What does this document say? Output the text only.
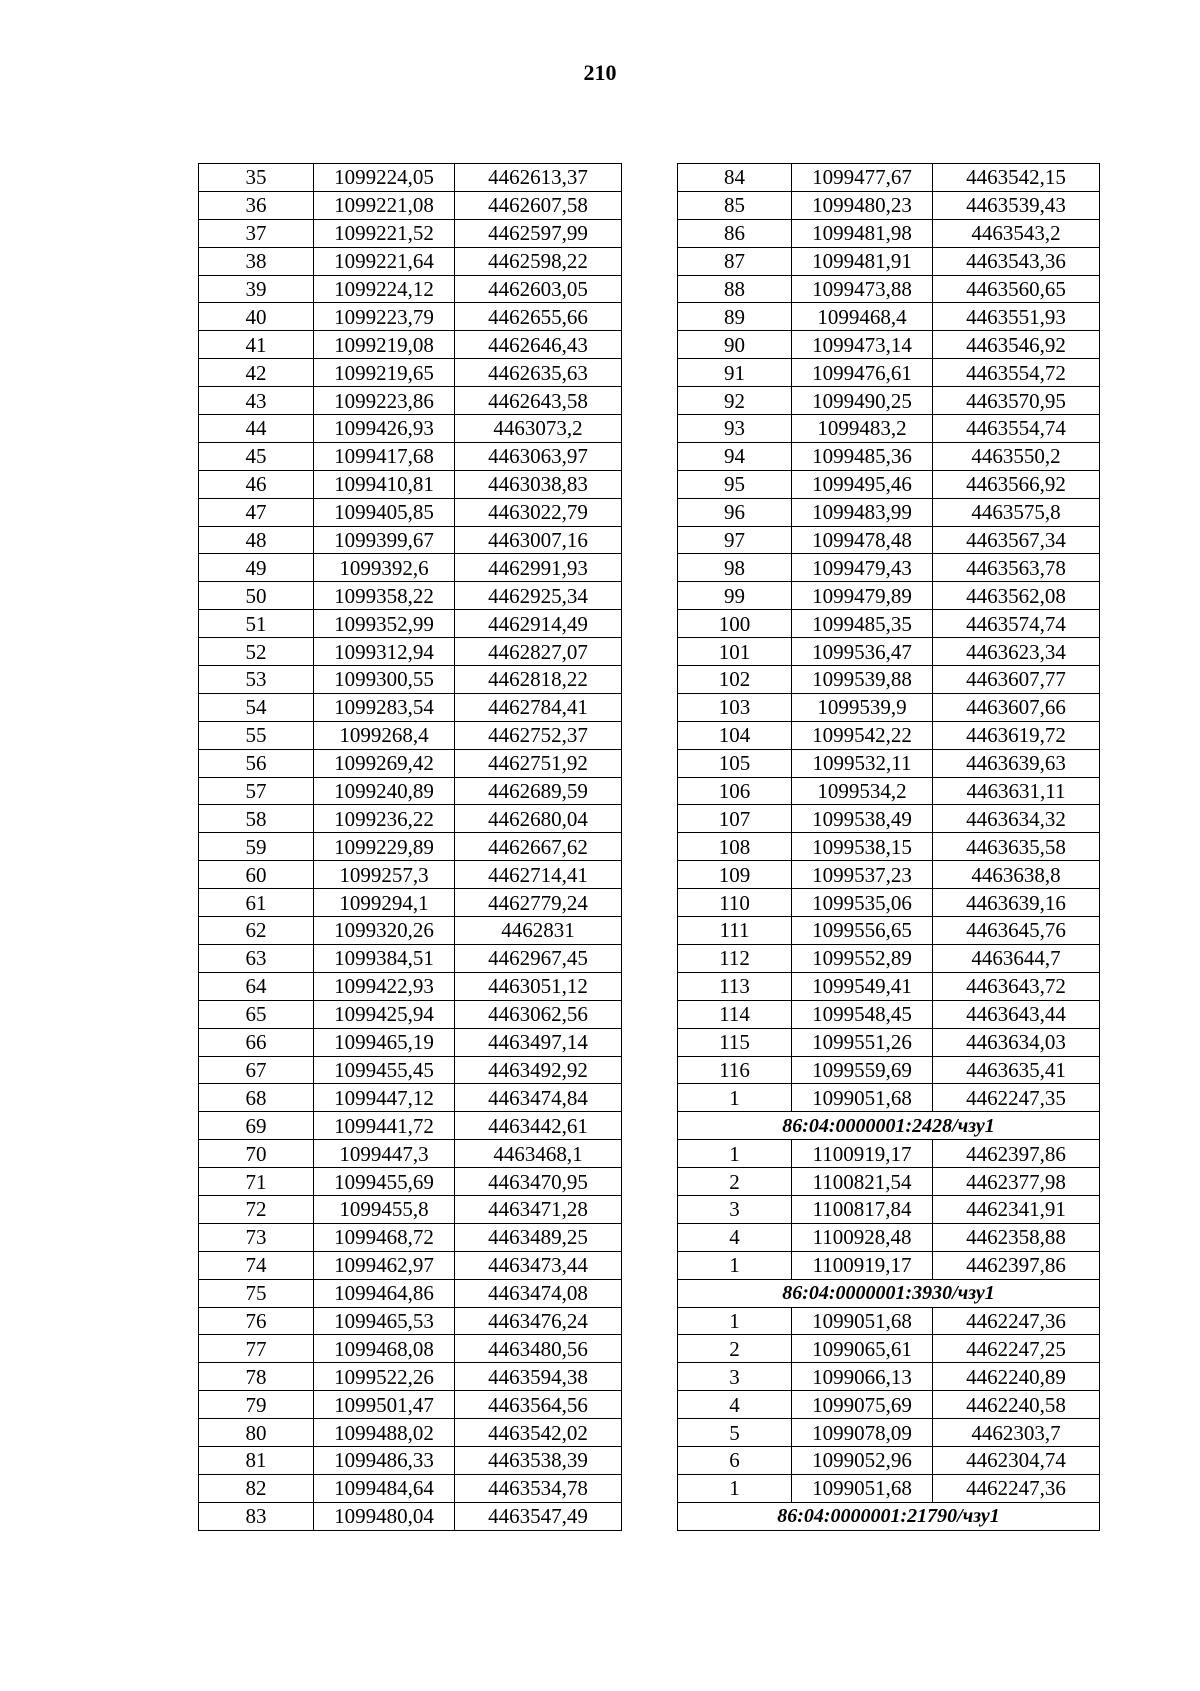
210
35	1099224,05	4462613,37
36	1099221,08	4462607,58
37	1099221,52	4462597,99
38	1099221,64	4462598,22
39	1099224,12	4462603,05
40	1099223,79	4462655,66
41	1099219,08	4462646,43
42	1099219,65	4462635,63
43	1099223,86	4462643,58
44	1099426,93	4463073,2
45	1099417,68	4463063,97
46	1099410,81	4463038,83
47	1099405,85	4463022,79
48	1099399,67	4463007,16
49	1099392,6	4462991,93
50	1099358,22	4462925,34
51	1099352,99	4462914,49
52	1099312,94	4462827,07
53	1099300,55	4462818,22
54	1099283,54	4462784,41
55	1099268,4	4462752,37
56	1099269,42	4462751,92
57	1099240,89	4462689,59
58	1099236,22	4462680,04
59	1099229,89	4462667,62
60	1099257,3	4462714,41
61	1099294,1	4462779,24
62	1099320,26	4462831
63	1099384,51	4462967,45
64	1099422,93	4463051,12
65	1099425,94	4463062,56
66	1099465,19	4463497,14
67	1099455,45	4463492,92
68	1099447,12	4463474,84
69	1099441,72	4463442,61
70	1099447,3	4463468,1
71	1099455,69	4463470,95
72	1099455,8	4463471,28
73	1099468,72	4463489,25
74	1099462,97	4463473,44
75	1099464,86	4463474,08
76	1099465,53	4463476,24
77	1099468,08	4463480,56
78	1099522,26	4463594,38
79	1099501,47	4463564,56
80	1099488,02	4463542,02
81	1099486,33	4463538,39
82	1099484,64	4463534,78
83	1099480,04	4463547,49
84	1099477,67	4463542,15
85	1099480,23	4463539,43
86	1099481,98	4463543,2
87	1099481,91	4463543,36
88	1099473,88	4463560,65
89	1099468,4	4463551,93
90	1099473,14	4463546,92
91	1099476,61	4463554,72
92	1099490,25	4463570,95
93	1099483,2	4463554,74
94	1099485,36	4463550,2
95	1099495,46	4463566,92
96	1099483,99	4463575,8
97	1099478,48	4463567,34
98	1099479,43	4463563,78
99	1099479,89	4463562,08
100	1099485,35	4463574,74
101	1099536,47	4463623,34
102	1099539,88	4463607,77
103	1099539,9	4463607,66
104	1099542,22	4463619,72
105	1099532,11	4463639,63
106	1099534,2	4463631,11
107	1099538,49	4463634,32
108	1099538,15	4463635,58
109	1099537,23	4463638,8
110	1099535,06	4463639,16
111	1099556,65	4463645,76
112	1099552,89	4463644,7
113	1099549,41	4463643,72
114	1099548,45	4463643,44
115	1099551,26	4463634,03
116	1099559,69	4463635,41
1	1099051,68	4462247,35
86:04:0000001:2428/чзу1		
1	1100919,17	4462397,86
2	1100821,54	4462377,98
3	1100817,84	4462341,91
4	1100928,48	4462358,88
1	1100919,17	4462397,86
86:04:0000001:3930/чзу1		
1	1099051,68	4462247,36
2	1099065,61	4462247,25
3	1099066,13	4462240,89
4	1099075,69	4462240,58
5	1099078,09	4462303,7
6	1099052,96	4462304,74
1	1099051,68	4462247,36
86:04:0000001:21790/чзу1		
